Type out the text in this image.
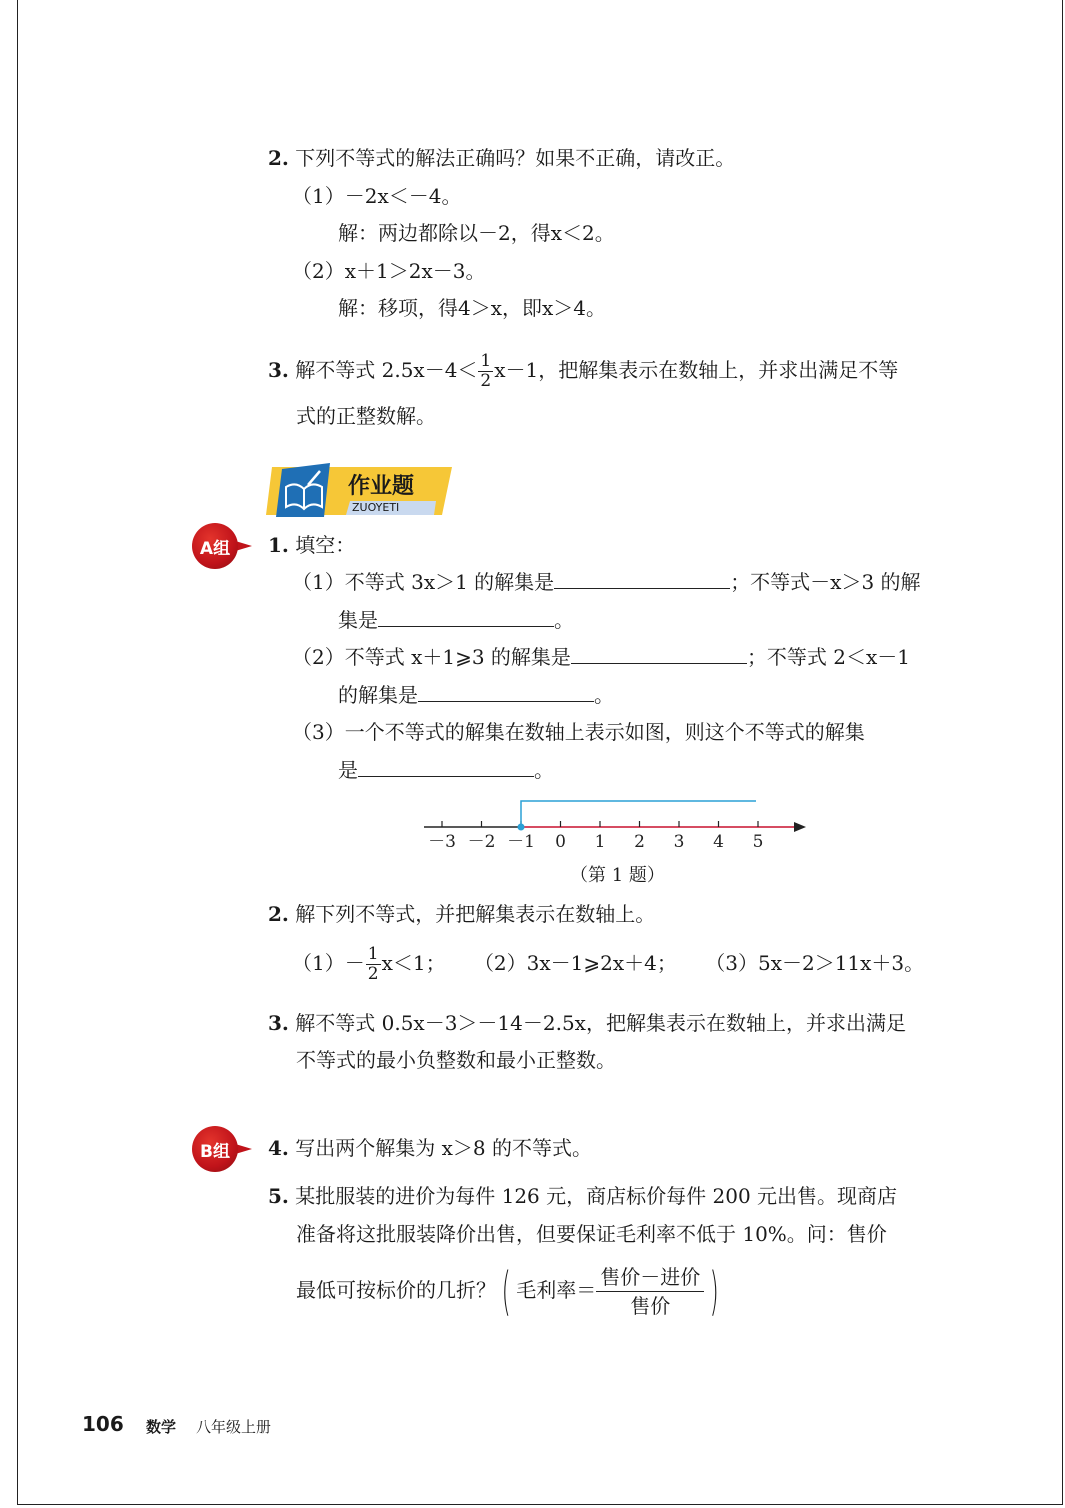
2. 下列不等式的解法正确吗？如果不正确，请改正。
（1）－2x＜－4。
解：两边都除以－2，得x＜2。
（2）x＋1＞2x－3。
解：移项，得4＞x，即x＞4。
3. 解不等式 $2.5x-4< \frac{1}{2} x-1$，把解集表示在数轴上，并求出满足不等
式的正整数解。
作业题
ZUOYETI
A组	1. 填空：
（1）不等式 3x＞1 的解集是	；不等式－x＞3 的解
集是	。
（2）不等式 x＋1⩾3 的解集是	；不等式 2＜x－1
的解集是	。
（3）一个不等式的解集在数轴上表示如图，则这个不等式的解集
是	。
－3 －2 －1 0 1 2 3 4 5
（第 1 题）
2. 解下列不等式，并把解集表示在数轴上。
$(1)- \frac{1}{2} x<1$； （2）3x－1⩾2x＋4； （3）5x－2＞11x＋3。
3. 解不等式 0.5x－3＞－14－2.5x，把解集表示在数轴上，并求出满足
不等式的最小负整数和最小正整数。
B组	4. 写出两个解集为 x＞8 的不等式。
5. 某批服装的进价为每件 126 元，商店标价每件 200 元出售。现商店
准备将这批服装降价出售，但要保证毛利率不低于 10%。问：售价
最低可按标价的几折？ ( 毛利率＝ $\frac{\text{售价－进价}}{\text{售价}}$ )
106 数学 八年级上册
